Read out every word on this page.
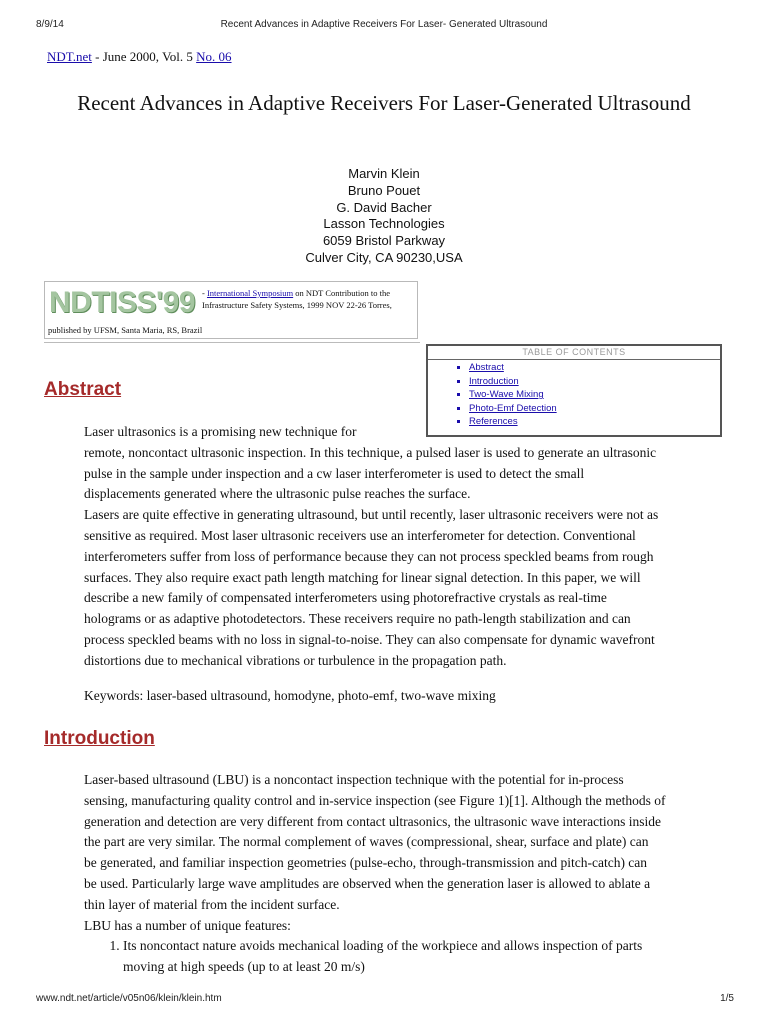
8/9/14	Recent Advances in Adaptive Receivers For Laser- Generated Ultrasound
NDT.net - June 2000, Vol. 5 No. 06
Recent Advances in Adaptive Receivers For Laser-Generated Ultrasound
Marvin Klein
Bruno Pouet
G. David Bacher
Lasson Technologies
6059 Bristol Parkway
Culver City, CA 90230,USA
NDTISS'99 - International Symposium on NDT Contribution to the Infrastructure Safety Systems, 1999 NOV 22-26 Torres,
published by UFSM, Santa Maria, RS, Brazil
TABLE OF CONTENTS
▪ Abstract
▪ Introduction
▪ Two-Wave Mixing
▪ Photo-Emf Detection
▪ References
Abstract
Laser ultrasonics is a promising new technique for
remote, noncontact ultrasonic inspection. In this technique, a pulsed laser is used to generate an ultrasonic
pulse in the sample under inspection and a cw laser interferometer is used to detect the small
displacements generated where the ultrasonic pulse reaches the surface.
Lasers are quite effective in generating ultrasound, but until recently, laser ultrasonic receivers were not as
sensitive as required. Most laser ultrasonic receivers use an interferometer for detection. Conventional
interferometers suffer from loss of performance because they can not process speckled beams from rough
surfaces. They also require exact path length matching for linear signal detection. In this paper, we will
describe a new family of compensated interferometers using photorefractive crystals as real-time
holograms or as adaptive photodetectors. These receivers require no path-length stabilization and can
process speckled beams with no loss in signal-to-noise. They can also compensate for dynamic wavefront
distortions due to mechanical vibrations or turbulence in the propagation path.
Keywords: laser-based ultrasound, homodyne, photo-emf, two-wave mixing
Introduction
Laser-based ultrasound (LBU) is a noncontact inspection technique with the potential for in-process
sensing, manufacturing quality control and in-service inspection (see Figure 1)[1]. Although the methods of
generation and detection are very different from contact ultrasonics, the ultrasonic wave interactions inside
the part are very similar. The normal complement of waves (compressional, shear, surface and plate) can
be generated, and familiar inspection geometries (pulse-echo, through-transmission and pitch-catch) can
be used. Particularly large wave amplitudes are observed when the generation laser is allowed to ablate a
thin layer of material from the incident surface.
LBU has a number of unique features:
1. Its noncontact nature avoids mechanical loading of the workpiece and allows inspection of parts
moving at high speeds (up to at least 20 m/s)
www.ndt.net/article/v05n06/klein/klein.htm	1/5
